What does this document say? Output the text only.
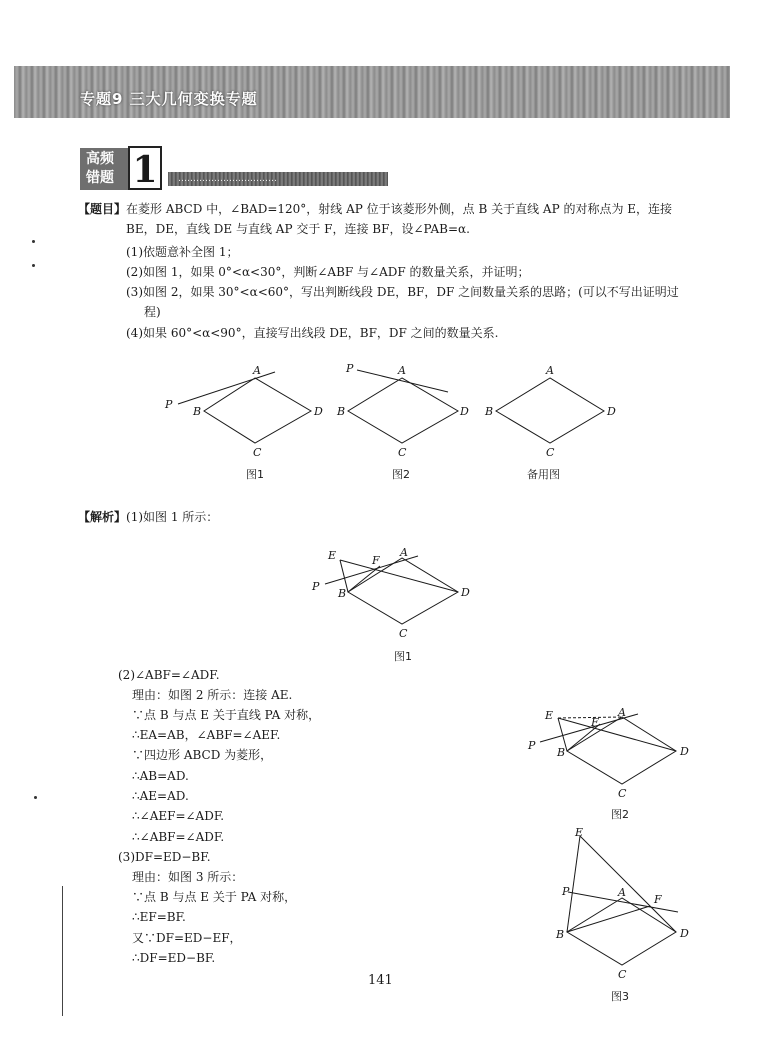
专题9 三大几何变换专题
高频
错题 1	……………………………
【题目】在菱形 ABCD 中，∠BAD=120°，射线 AP 位于该菱形外侧，点 B 关于直线 AP 的对称点为 E，连接
BE，DE，直线 DE 与直线 AP 交于 F，连接 BF，设∠PAB=α.
(1)依题意补全图 1；
(2)如图 1，如果 0°<α<30°，判断∠ABF 与∠ADF 的数量关系，并证明；
(3)如图 2，如果 30°<α<60°，写出判断线段 DE，BF，DF 之间数量关系的思路；(可以不写出证明过
程)
(4)如果 60°<α<90°，直接写出线段 DE，BF，DF 之间的数量关系.
A
B
C
D
P
A
B
C
D
P	A
B
C
D
A
B
C
D
P
E	F
A
B
C
D
P
E
F
A
B
C
D
P
E
F
图1	图2	备用图
图1
图2
图3
【解析】(1)如图 1 所示：
(2)∠ABF=∠ADF.
理由：如图 2 所示：连接 AE.
∵点 B 与点 E 关于直线 PA 对称，
∴EA=AB，∠ABF=∠AEF.
∵四边形 ABCD 为菱形，
∴AB=AD.
∴AE=AD.
∴∠AEF=∠ADF.
∴∠ABF=∠ADF.
(3)DF=ED−BF.
理由：如图 3 所示：
∵点 B 与点 E 关于 PA 对称，
∴EF=BF.
又∵DF=ED−EF，
∴DF=ED−BF.
141
